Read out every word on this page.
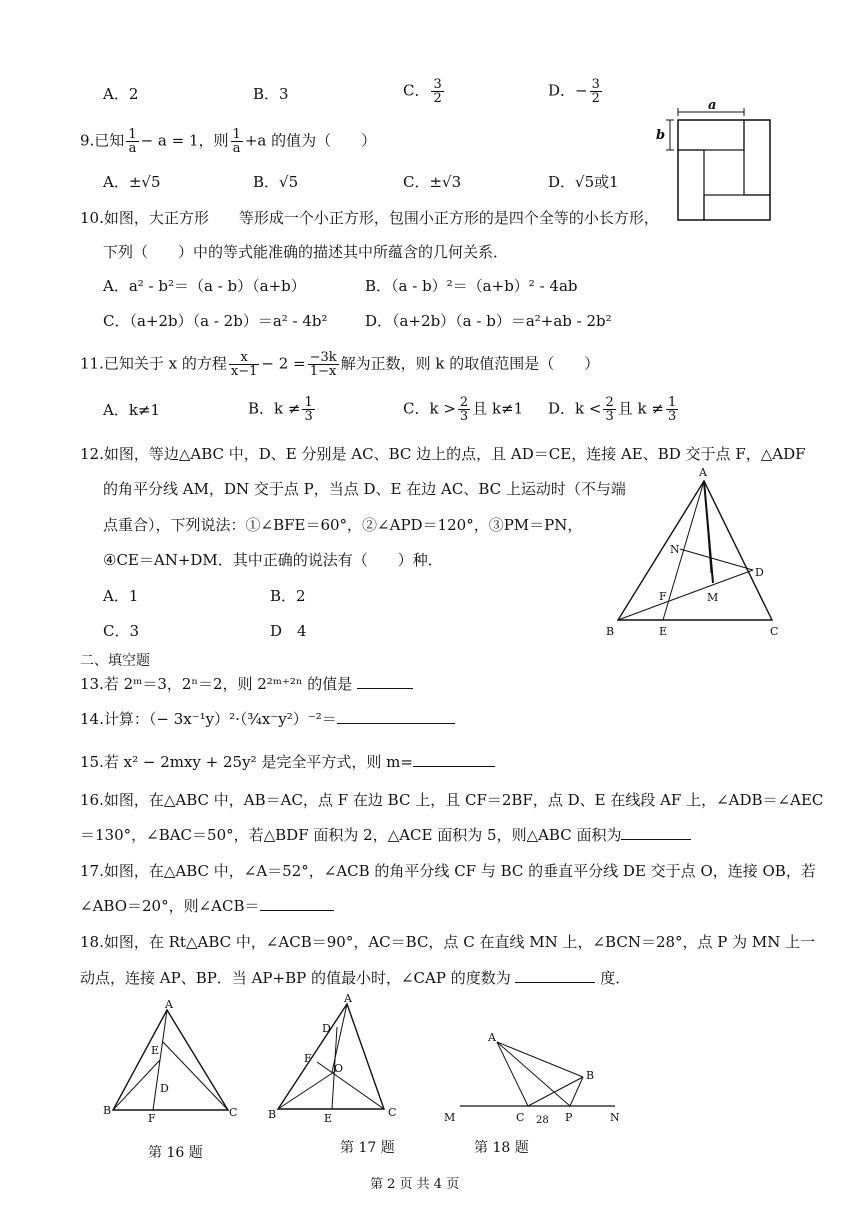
A．2	B．3	C． $\frac{3}{2}$	D．− $\frac{3}{2}$
9.已知 $\frac{1}{a} - a = 1$，则 $\frac{1}{a} +a$ 的值为（　　）
A．±√5	B．√5	C．±√3	D．√5或1
a
b
10.如图，大正方形　　等形成一个小正方形，包围小正方形的是四个全等的小长方形，
下列（　　）中的等式能准确的描述其中所蕴含的几何关系．
A．a² - b²＝（a - b）（a+b）	B．（a - b）²＝（a+b）² - 4ab
C．（a+2b）（a - 2b）＝a² - 4b² D．（a+2b）（a - b）＝a²+ab - 2b²
11.已知关于 x 的方程 $\frac{x}{x-1} - 2 = \frac{-3k}{1-x}$ 解为正数，则 k 的取值范围是（　　）
A．k≠1	B．$k \ne \frac{1}{3}$	C．$k > \frac{2}{3}$ 且 k≠1 D．$k < \frac{2}{3}$ 且 $k \ne \frac{1}{3}$
12.如图，等边△ABC 中，D、E 分别是 AC、BC 边上的点，且 AD＝CE，连接 AE、BD 交于点 F，△ADF
的角平分线 AM，DN 交于点 P，当点 D、E 在边 AC、BC 上运动时（不与端
点重合），下列说法：①∠BFE＝60°，②∠APD＝120°，③PM＝PN，
④CE＝AN+DM．其中正确的说法有（　　）种．
A．1	B．2
C．3	D　4
A
N
D
F	M
B	E	C
二、填空题
13.若 2ᵐ＝3，2ⁿ＝2，则 2²ᵐ⁺²ⁿ 的值是
14.计算：（− 3x⁻¹y）²·（¾x⁻y²）⁻²＝
15.若 x² − 2mxy + 25y² 是完全平方式，则 m=
16.如图，在△ABC 中，AB＝AC，点 F 在边 BC 上，且 CF＝2BF，点 D、E 在线段 AF 上，∠ADB＝∠AEC
＝130°，∠BAC＝50°，若△BDF 面积为 2，△ACE 面积为 5，则△ABC 面积为
17.如图，在△ABC 中，∠A＝52°，∠ACB 的角平分线 CF 与 BC 的垂直平分线 DE 交于点 O，连接 OB，若
∠ABO＝20°，则∠ACB＝
18.如图，在 Rt△ABC 中，∠ACB＝90°，AC＝BC，点 C 在直线 MN 上，∠BCN＝28°，点 P 为 MN 上一
动点，连接 AP、BP．当 AP+BP 的值最小时，∠CAP 的度数为	度．
A
E
D
B
F	C
第 16 题
A
D
F
O
B	E	C
第 17 题
A
B
M	C 28 P	N
第 18 题
第 2 页 共 4 页
